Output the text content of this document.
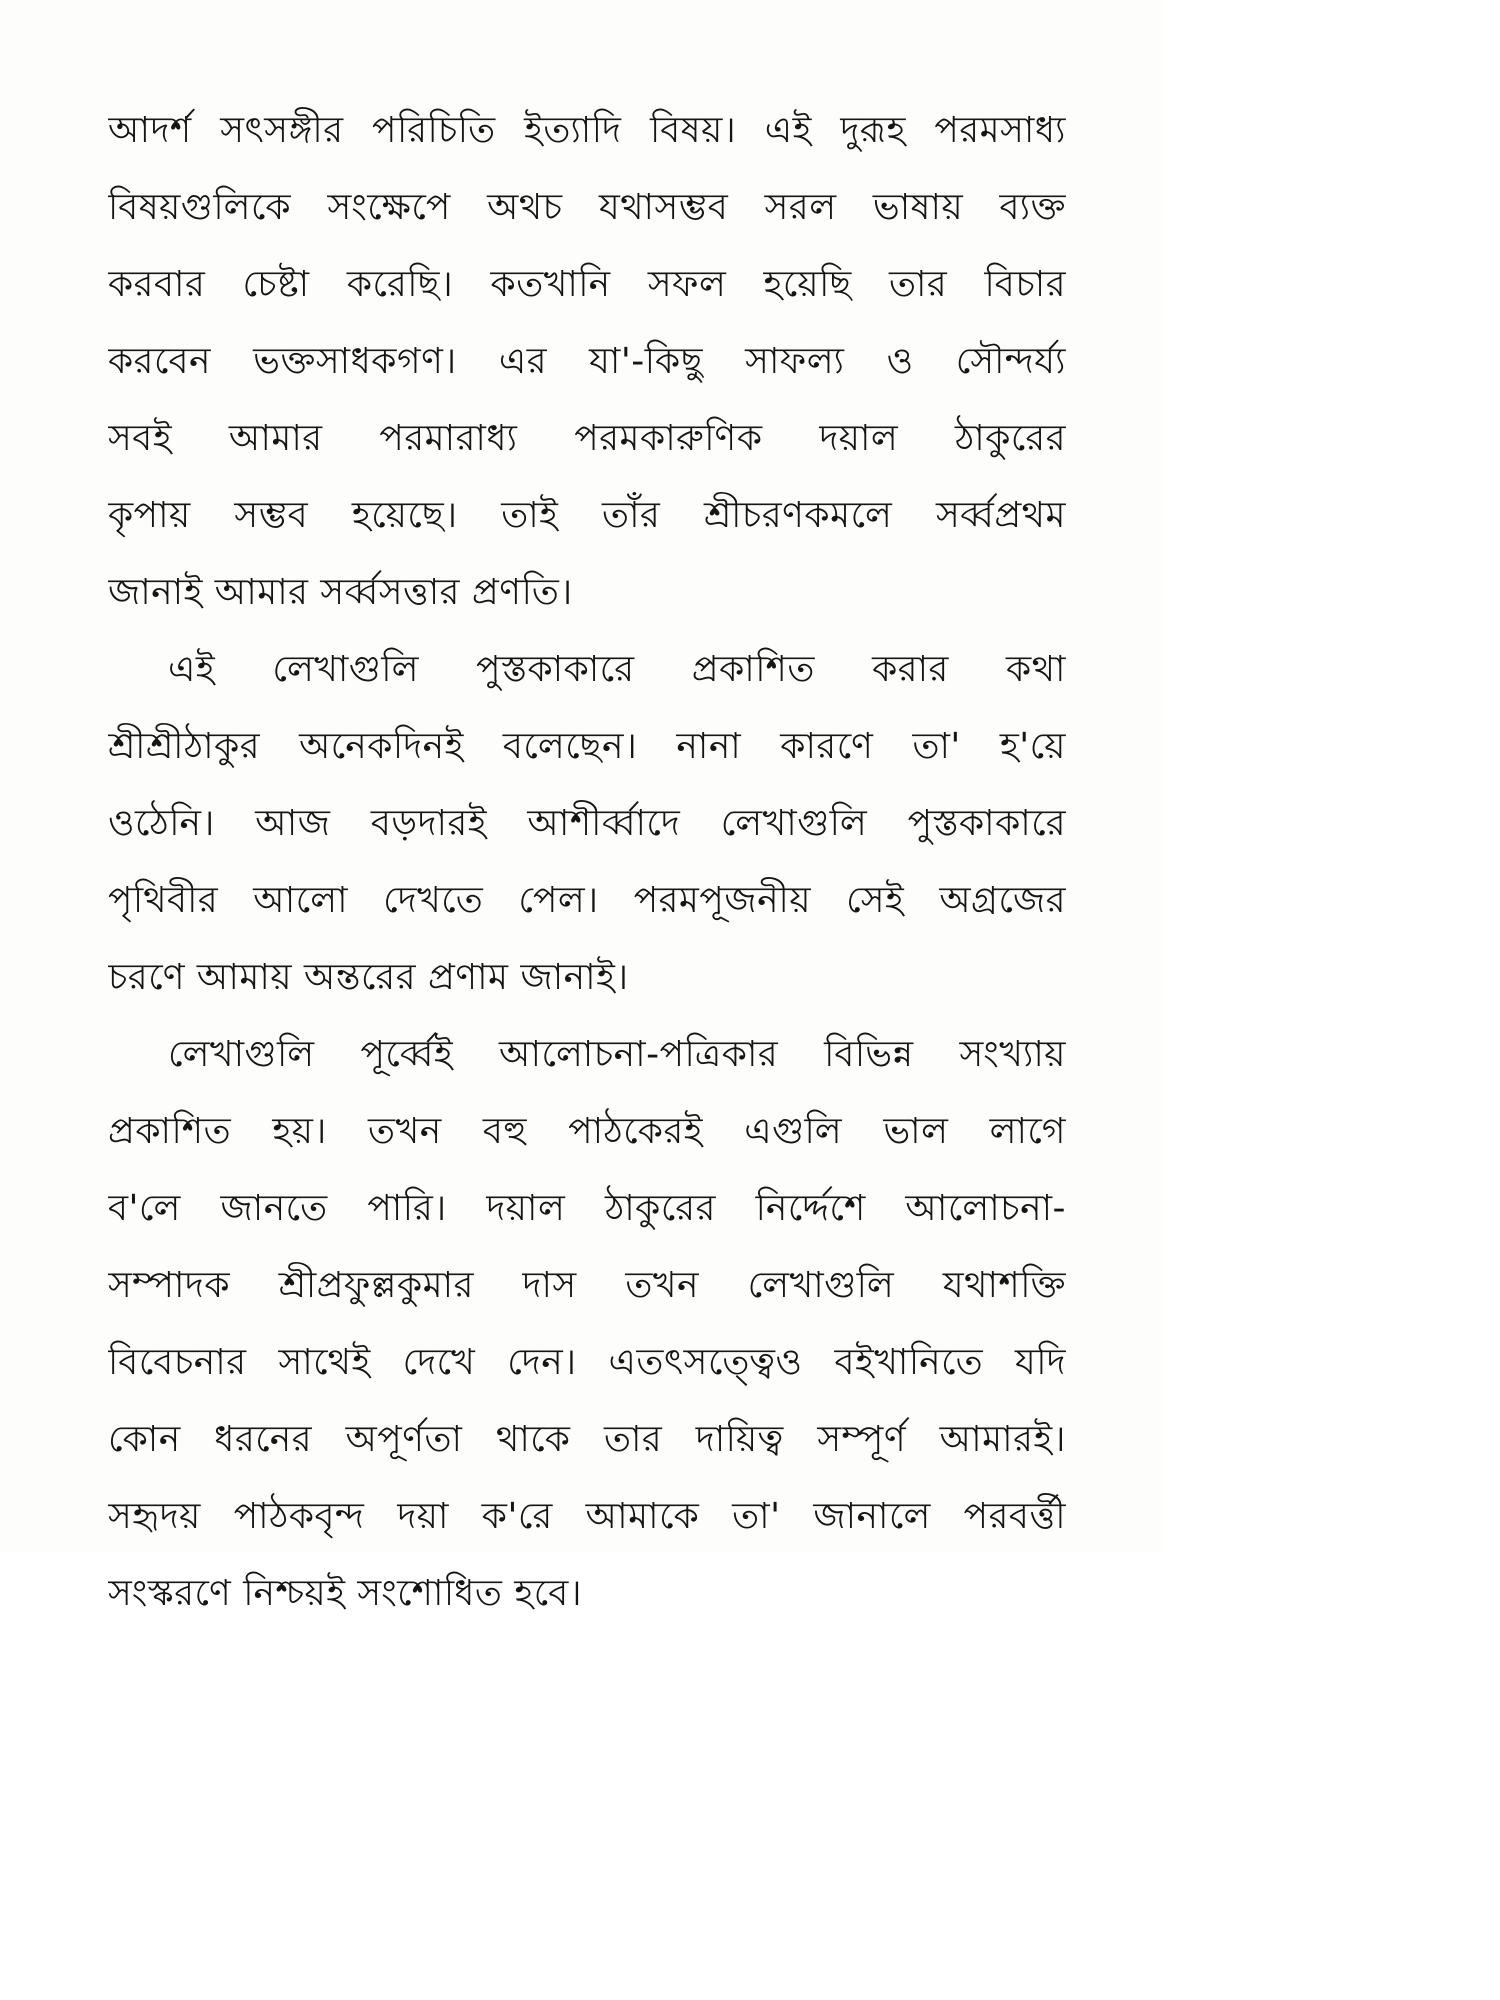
আদর্শ সৎসঙ্গীর পরিচিতি ইত্যাদি বিষয়। এই দুরূহ পরমসাধ্য
বিষয়গুলিকে সংক্ষেপে অথচ যথাসম্ভব সরল ভাষায় ব্যক্ত
করবার চেষ্টা করেছি। কতখানি সফল হয়েছি তার বিচার
করবেন ভক্তসাধকগণ। এর যা'-কিছু সাফল্য ও সৌন্দর্য্য
সবই আমার পরমারাধ্য পরমকারুণিক দয়াল ঠাকুরের
কৃপায় সম্ভব হয়েছে। তাই তাঁর শ্রীচরণকমলে সর্ব্বপ্রথম
জানাই আমার সর্ব্বসত্তার প্রণতি।
এই লেখাগুলি পুস্তকাকারে প্রকাশিত করার কথা
শ্রীশ্রীঠাকুর অনেকদিনই বলেছেন। নানা কারণে তা' হ'য়ে
ওঠেনি। আজ বড়দারই আশীর্ব্বাদে লেখাগুলি পুস্তকাকারে
পৃথিবীর আলো দেখতে পেল। পরমপূজনীয় সেই অগ্রজের
চরণে আমায় অন্তরের প্রণাম জানাই।
লেখাগুলি পূর্ব্বেই আলোচনা-পত্রিকার বিভিন্ন সংখ্যায়
প্রকাশিত হয়। তখন বহু পাঠকেরই এগুলি ভাল লাগে
ব'লে জানতে পারি। দয়াল ঠাকুরের নির্দ্দেশে আলোচনা-
সম্পাদক শ্রীপ্রফুল্লকুমার দাস তখন লেখাগুলি যথাশক্তি
বিবেচনার সাথেই দেখে দেন। এতৎসত্ত্বেও বইখানিতে যদি
কোন ধরনের অপূর্ণতা থাকে তার দায়িত্ব সম্পূর্ণ আমারই।
সহৃদয় পাঠকবৃন্দ দয়া ক'রে আমাকে তা' জানালে পরবর্ত্তী
সংস্করণে নিশ্চয়ই সংশোধিত হবে।
